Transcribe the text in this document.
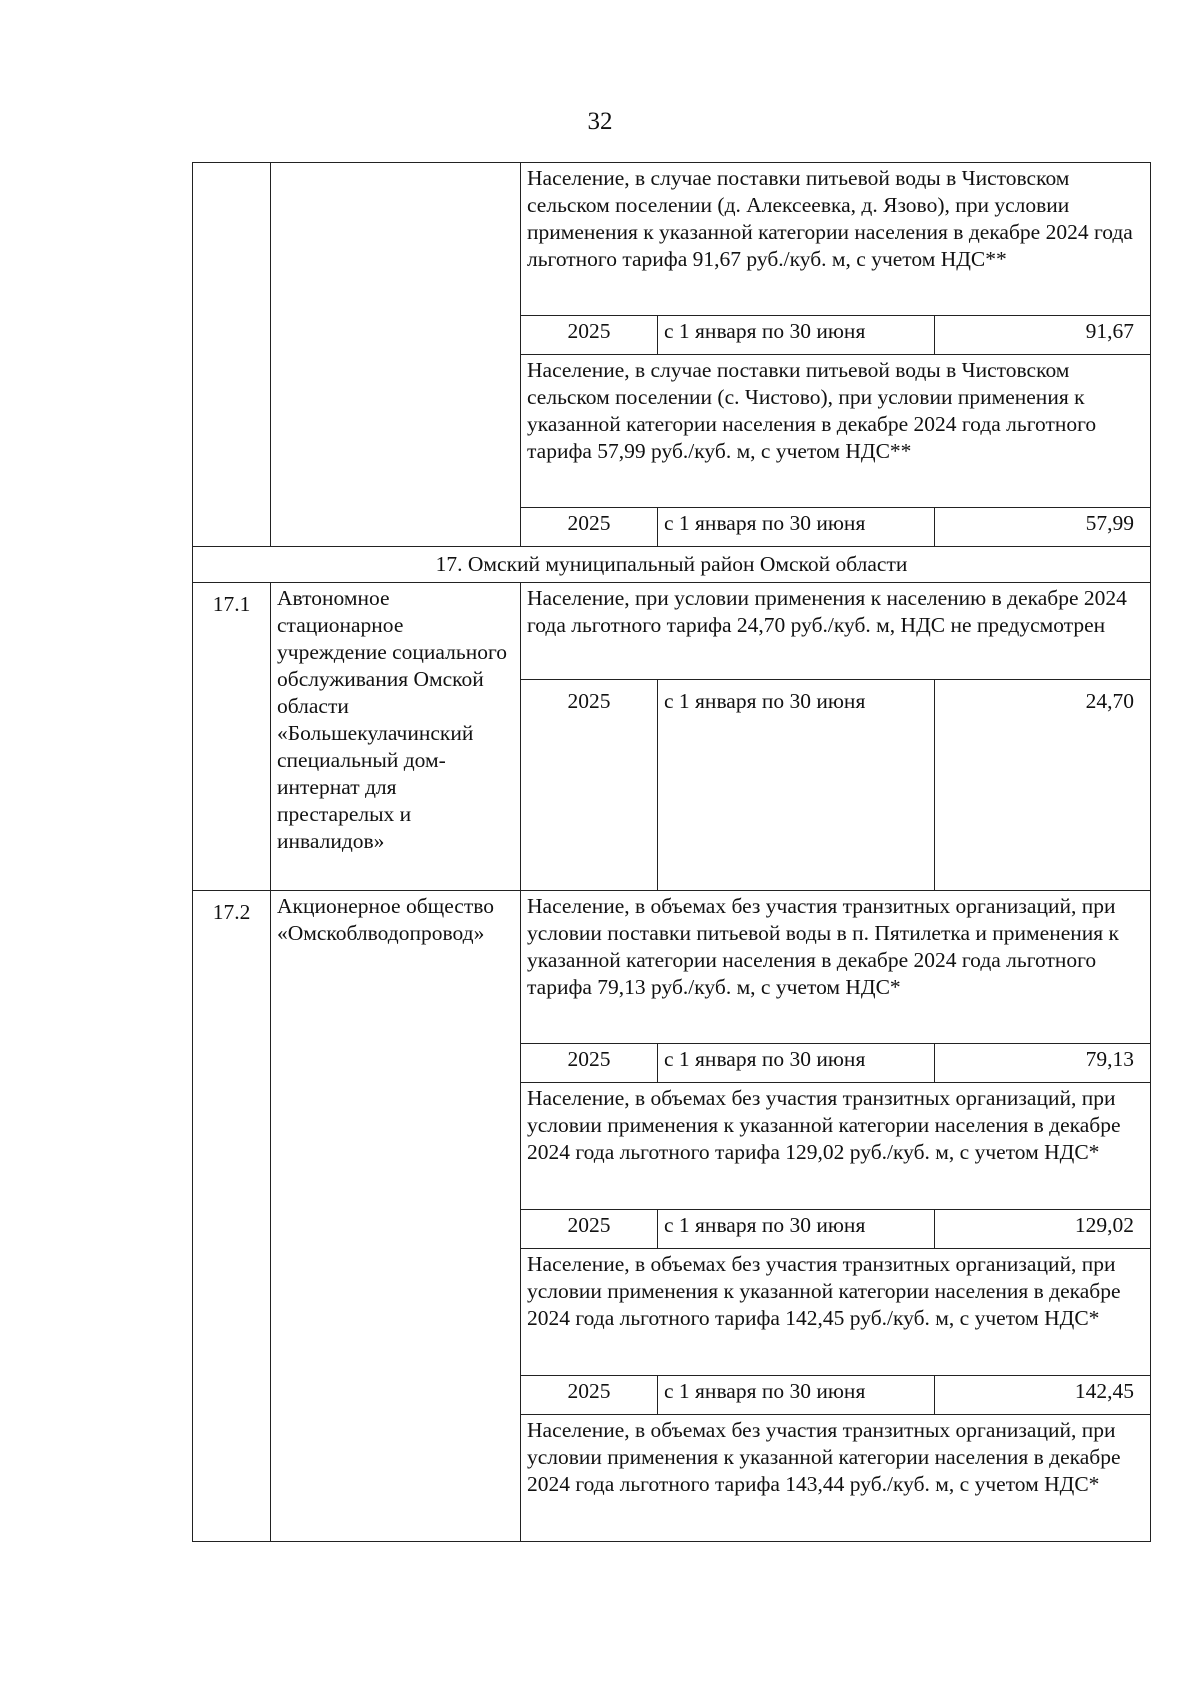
32
		Население, в случае поставки питьевой воды в Чистовском сельском поселении (д. Алексеевка, д. Язово), при условии применения к указанной категории населения в декабре 2024 года льготного тарифа 91,67 руб./куб. м, с учетом НДС**		
		2025	с 1 января по 30 июня	91,67
		Население, в случае поставки питьевой воды в Чистовском сельском поселении (с. Чистово), при условии применения к указанной категории населения в декабре 2024 года льготного тарифа 57,99 руб./куб. м, с учетом НДС**		
		2025	с 1 января по 30 июня	57,99
17. Омский муниципальный район Омской области				
17.1	Автономное стационарное учреждение социального обслуживания Омской области «Большекулачинский специальный дом-интернат для престарелых и инвалидов»	Население, при условии применения к населению в декабре 2024 года льготного тарифа 24,70 руб./куб. м, НДС не предусмотрен		
		2025	с 1 января по 30 июня	24,70
17.2	Акционерное общество «Омскоблводопровод»	Население, в объемах без участия транзитных организаций, при условии поставки питьевой воды в п. Пятилетка и применения к указанной категории населения в декабре 2024 года льготного тарифа 79,13 руб./куб. м, с учетом НДС*		
		2025	с 1 января по 30 июня	79,13
		Население, в объемах без участия транзитных организаций, при условии применения к указанной категории населения в декабре 2024 года льготного тарифа 129,02 руб./куб. м, с учетом НДС*		
		2025	с 1 января по 30 июня	129,02
		Население, в объемах без участия транзитных организаций, при условии применения к указанной категории населения в декабре 2024 года льготного тарифа 142,45 руб./куб. м, с учетом НДС*		
		2025	с 1 января по 30 июня	142,45
		Население, в объемах без участия транзитных организаций, при условии применения к указанной категории населения в декабре 2024 года льготного тарифа 143,44 руб./куб. м, с учетом НДС*		
